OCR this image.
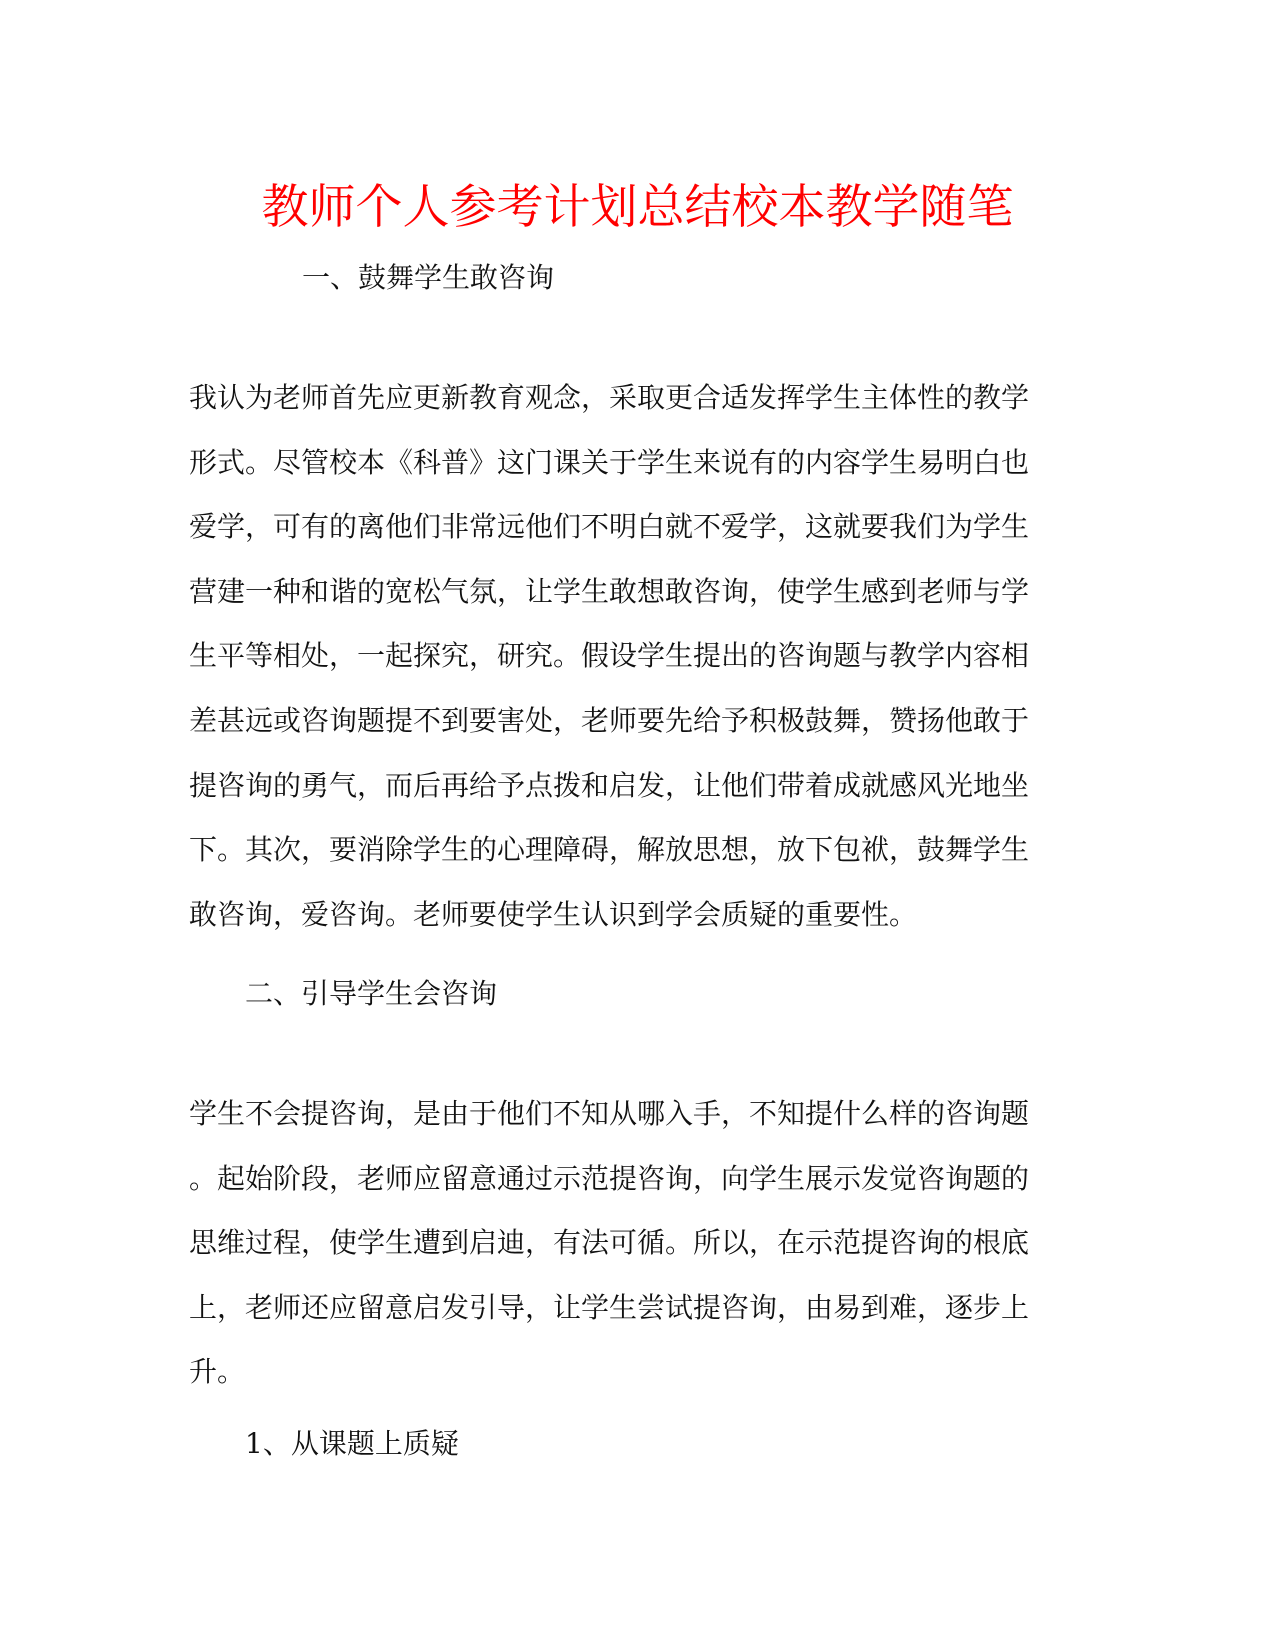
教师个人参考计划总结校本教学随笔
一、鼓舞学生敢咨询
我认为老师首先应更新教育观念，采取更合适发挥学生主体性的教学
形式。尽管校本《科普》这门课关于学生来说有的内容学生易明白也
爱学，可有的离他们非常远他们不明白就不爱学，这就要我们为学生
营建一种和谐的宽松气氛，让学生敢想敢咨询，使学生感到老师与学
生平等相处，一起探究，研究。假设学生提出的咨询题与教学内容相
差甚远或咨询题提不到要害处，老师要先给予积极鼓舞，赞扬他敢于
提咨询的勇气，而后再给予点拨和启发，让他们带着成就感风光地坐
下。其次，要消除学生的心理障碍，解放思想，放下包袱，鼓舞学生
敢咨询，爱咨询。老师要使学生认识到学会质疑的重要性。
二、引导学生会咨询
学生不会提咨询，是由于他们不知从哪入手，不知提什么样的咨询题
。起始阶段，老师应留意通过示范提咨询，向学生展示发觉咨询题的
思维过程，使学生遭到启迪，有法可循。所以，在示范提咨询的根底
上，老师还应留意启发引导，让学生尝试提咨询，由易到难，逐步上
升。
1、从课题上质疑
